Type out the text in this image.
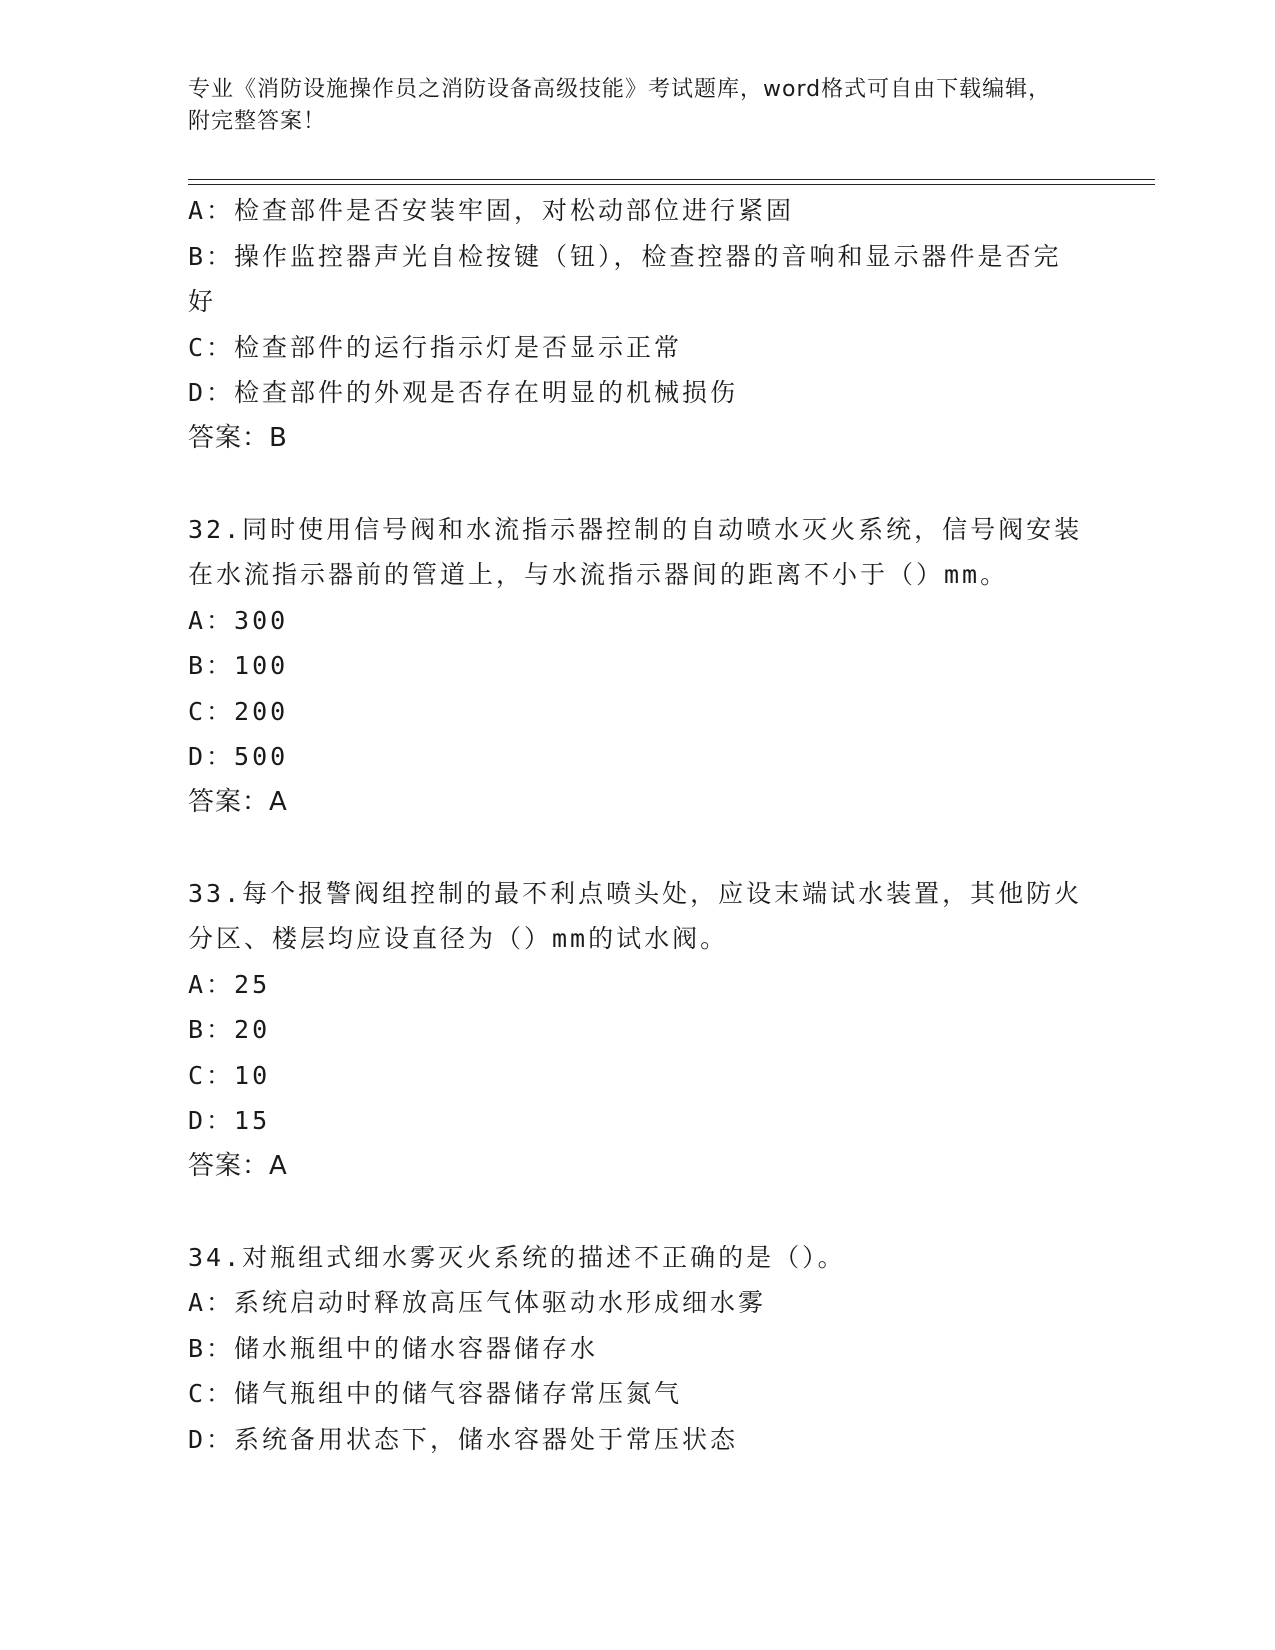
专业《消防设施操作员之消防设备高级技能》考试题库，word格式可自由下载编辑，附完整答案！
A：检查部件是否安装牢固，对松动部位进行紧固
B：操作监控器声光自检按键（钮），检查控器的音响和显示器件是否完好
C：检查部件的运行指示灯是否显示正常
D：检查部件的外观是否存在明显的机械损伤
答案：B
32.同时使用信号阀和水流指示器控制的自动喷水灭火系统，信号阀安装在水流指示器前的管道上，与水流指示器间的距离不小于（）mm。
A：300
B：100
C：200
D：500
答案：A
33.每个报警阀组控制的最不利点喷头处，应设末端试水装置，其他防火分区、楼层均应设直径为（）mm的试水阀。
A：25
B：20
C：10
D：15
答案：A
34.对瓶组式细水雾灭火系统的描述不正确的是（）。
A：系统启动时释放高压气体驱动水形成细水雾
B：储水瓶组中的储水容器储存水
C：储气瓶组中的储气容器储存常压氮气
D：系统备用状态下，储水容器处于常压状态
